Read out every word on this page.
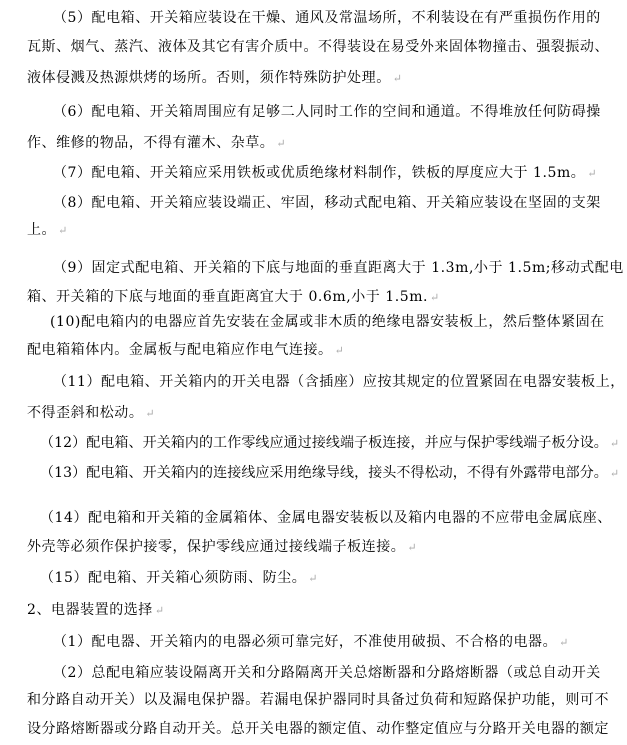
（5）配电箱、开关箱应装设在干燥、通风及常温场所，不利装设在有严重损伤作用的
瓦斯、烟气、蒸汽、液体及其它有害介质中。不得装设在易受外来固体物撞击、强裂振动、
液体侵溅及热源烘烤的场所。否则，须作特殊防护处理。 ↵
（6）配电箱、开关箱周围应有足够二人同时工作的空间和通道。不得堆放任何防碍操
作、维修的物品，不得有灌木、杂草。 ↵
（7）配电箱、开关箱应采用铁板或优质绝缘材料制作，铁板的厚度应大于 1.5m。 ↵
（8）配电箱、开关箱应装设端正、牢固，移动式配电箱、开关箱应装设在坚固的支架
上。 ↵
（9）固定式配电箱、开关箱的下底与地面的垂直距离大于 1.3m,小于 1.5m;移动式配电
箱、开关箱的下底与地面的垂直距离宜大于 0.6m,小于 1.5m. ↵
(10)配电箱内的电器应首先安装在金属或非木质的绝缘电器安装板上，然后整体紧固在
配电箱箱体内。金属板与配电箱应作电气连接。 ↵
（11）配电箱、开关箱内的开关电器（含插座）应按其规定的位置紧固在电器安装板上，
不得歪斜和松动。 ↵
（12）配电箱、开关箱内的工作零线应通过接线端子板连接，并应与保护零线端子板分设。 ↵
（13）配电箱、开关箱内的连接线应采用绝缘导线，接头不得松动，不得有外露带电部分。 ↵
（14）配电箱和开关箱的金属箱体、金属电器安装板以及箱内电器的不应带电金属底座、
外壳等必须作保护接零，保护零线应通过接线端子板连接。 ↵
（15）配电箱、开关箱心须防雨、防尘。 ↵
2、电器装置的选择 ↵
（1）配电器、开关箱内的电器必须可靠完好，不准使用破损、不合格的电器。 ↵
（2）总配电箱应装设隔离开关和分路隔离开关总熔断器和分路熔断器（或总自动开关
和分路自动开关）以及漏电保护器。若漏电保护器同时具备过负荷和短路保护功能，则可不
设分路熔断器或分路自动开关。总开关电器的额定值、动作整定值应与分路开关电器的额定
